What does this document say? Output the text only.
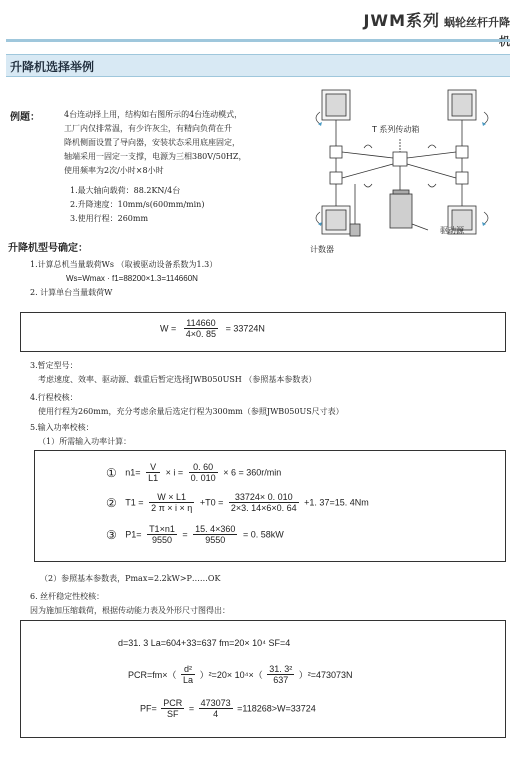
JWM系列 蜗轮丝杆升降
升降机选择举例
例题：	4台连动择上用，结构如右图所示的4台连动模式，
工厂内仅排常温，有少许灰尘，有精向负荷在升
降机侧面设置了导向器，安装状态采用底座固定，
轴端采用一固定一支撑，电源为三相380V/50HZ，
使用频率为2次/小时×8小时
1.最大轴向载荷：88.2KN/4台
2.升降速度：10mm/s(600mm/min)
3.使用行程：260mm
T 系列传动箱
驱动源
计数器
升降机型号确定：
1.计算总机当量载荷Ws （取被驱动设备系数为1.3）
Ws=Wmax · f1=88200×1.3=114660N
2. 计算单台当量载荷W
$W = \frac{114660}{4\times 0. 85} = 33724N$
3.暂定型号：
考虑速度、效率、驱动源、载重后暂定选择JWB050USH （参照基本参数表）
4.行程校核：
使用行程为260mm，充分考虑余量后选定行程为300mm（参照JWB050US尺寸表）
5.输入功率校核：
（1）所需输入功率计算：
① $n1= \frac{V}{L1} \times i = \frac{0. 60}{0. 010} \times 6 = 360r/\min$
② $T1 = \frac{W \times L1}{2 \pi \times i \times \eta} +T0 = \frac{33724\times 0. 010}{2\times 3. 14\times 6\times 0. 64} +1$. 37=15. 4Nm
③ $P1= \frac{T1\times n1}{9550} = \frac{15. 4\times 360}{9550} = 0$. 58kW
（2）参照基本参数表，Pmax=2.2kW>P……OK
6. 丝杆稳定性校核：
因为施加压缩载荷，根据传动能力表及外形尺寸图得出：
d=31. 3 La=604+33=637 fm=20× 10⁴ SF=4
$PCR=fm\times( \frac{\text{d²}}{La} )^2=20\times 10^4\times( \frac{\text{31. 3²}}{637} )^2=473073N$
$PF= \frac{\text{PCR}}{SF} = \frac{473073}{4} =118268>W=33724$
